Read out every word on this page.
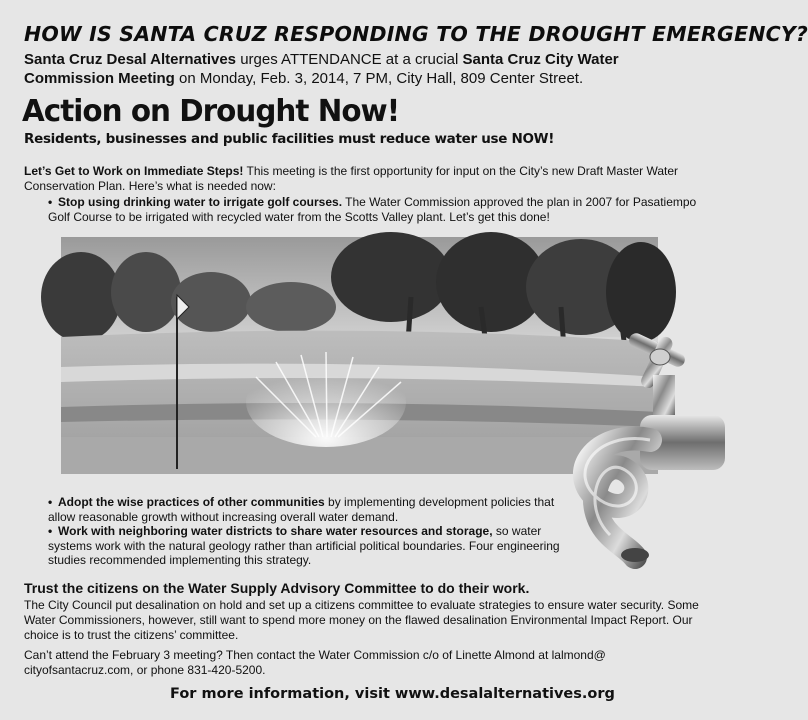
HOW IS SANTA CRUZ RESPONDING TO THE DROUGHT EMERGENCY?
Santa Cruz Desal Alternatives urges ATTENDANCE at a crucial Santa Cruz City Water Commission Meeting on Monday, Feb. 3, 2014, 7 PM, City Hall, 809 Center Street.
Action on Drought Now!
Residents, businesses and public facilities must reduce water use NOW!
Let’s Get to Work on Immediate Steps! This meeting is the first opportunity for input on the City’s new Draft Master Water Conservation Plan. Here’s what is needed now:
• Stop using drinking water to irrigate golf courses. The Water Commission approved the plan in 2007 for Pasatiempo Golf Course to be irrigated with recycled water from the Scotts Valley plant. Let’s get this done!
• Adopt the wise practices of other communities by implementing development policies that allow reasonable growth without increasing overall water demand.
• Work with neighboring water districts to share water resources and storage, so water systems work with the natural geology rather than artificial political boundaries. Four engineering studies recommended implementing this strategy.
Trust the citizens on the Water Supply Advisory Committee to do their work.
The City Council put desalination on hold and set up a citizens committee to evaluate strategies to ensure water security. Some Water Commissioners, however, still want to spend more money on the flawed desalination Environmental Impact Report. Our choice is to trust the citizens’ committee.
Can’t attend the February 3 meeting? Then contact the Water Commission c/o of Linette Almond at lalmond@ cityofsantacruz.com, or phone 831-420-5200.
For more information, visit www.desalalternatives.org
